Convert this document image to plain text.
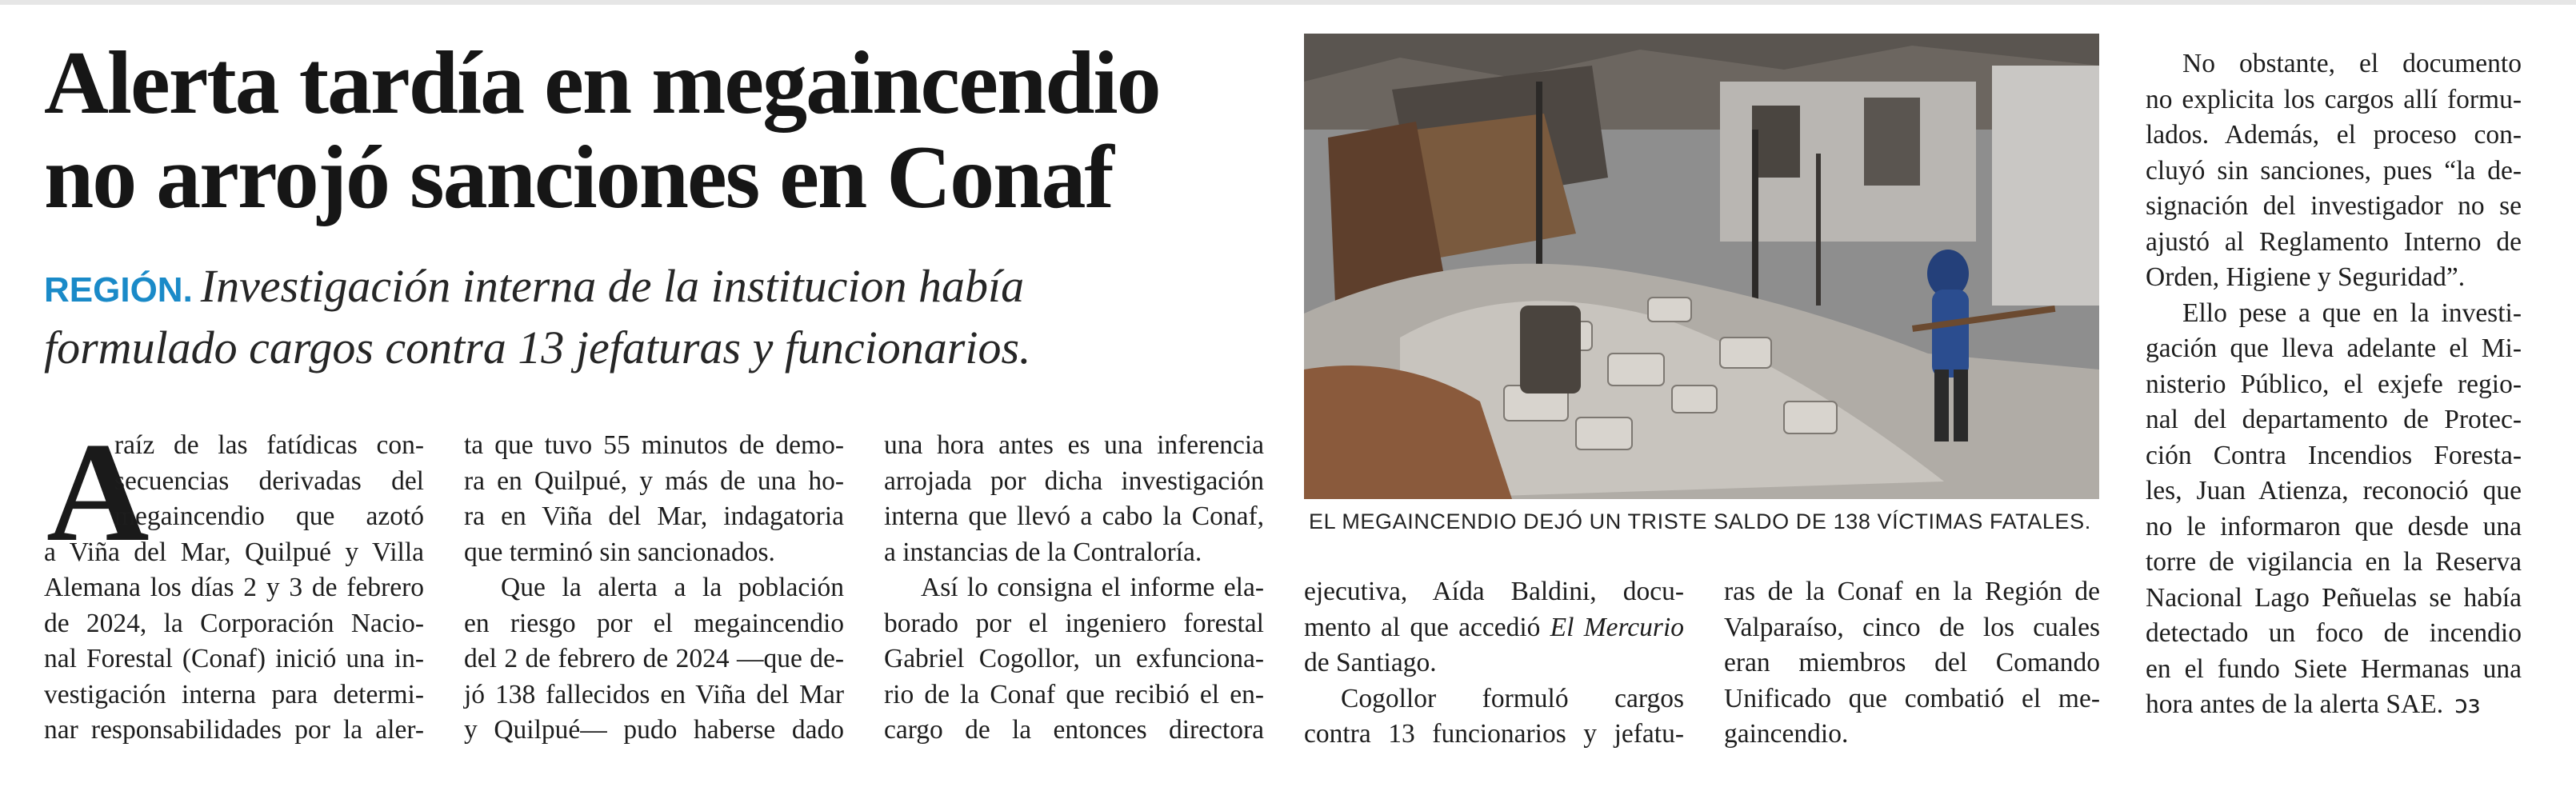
Alerta tardía en megaincendio
no arrojó sanciones en Conaf
REGIÓN. Investigación interna de la institucion había
formulado cargos contra 13 jefaturas y funcionarios.
A
raíz de las fatídicas con-
secuencias derivadas del
megaincendio que azotó
a Viña del Mar, Quilpué y Villa
Alemana los días 2 y 3 de febrero
de 2024, la Corporación Nacio-
nal Forestal (Conaf) inició una in-
vestigación interna para determi-
nar responsabilidades por la aler-
ta que tuvo 55 minutos de demo-
ra en Quilpué, y más de una ho-
ra en Viña del Mar, indagatoria
que terminó sin sancionados.
Que la alerta a la población
en riesgo por el megaincendio
del 2 de febrero de 2024 —que de-
jó 138 fallecidos en Viña del Mar
y Quilpué— pudo haberse dado
una hora antes es una inferencia
arrojada por dicha investigación
interna que llevó a cabo la Conaf,
a instancias de la Contraloría.
Así lo consigna el informe ela-
borado por el ingeniero forestal
Gabriel Cogollor, un exfunciona-
rio de la Conaf que recibió el en-
cargo de la entonces directora
EL MEGAINCENDIO DEJÓ UN TRISTE SALDO DE 138 VÍCTIMAS FATALES.
ejecutiva, Aída Baldini, docu-
mento al que accedió El Mercurio
de Santiago.
Cogollor formuló cargos
contra 13 funcionarios y jefatu-
ras de la Conaf en la Región de
Valparaíso, cinco de los cuales
eran miembros del Comando
Unificado que combatió el me-
gaincendio.
No obstante, el documento
no explicita los cargos allí formu-
lados. Además, el proceso con-
cluyó sin sanciones, pues “la de-
signación del investigador no se
ajustó al Reglamento Interno de
Orden, Higiene y Seguridad”.
Ello pese a que en la investi-
gación que lleva adelante el Mi-
nisterio Público, el exjefe regio-
nal del departamento de Protec-
ción Contra Incendios Foresta-
les, Juan Atienza, reconoció que
no le informaron que desde una
torre de vigilancia en la Reserva
Nacional Lago Peñuelas se había
detectado un foco de incendio
en el fundo Siete Hermanas una
hora antes de la alerta SAE. ↄɜ
